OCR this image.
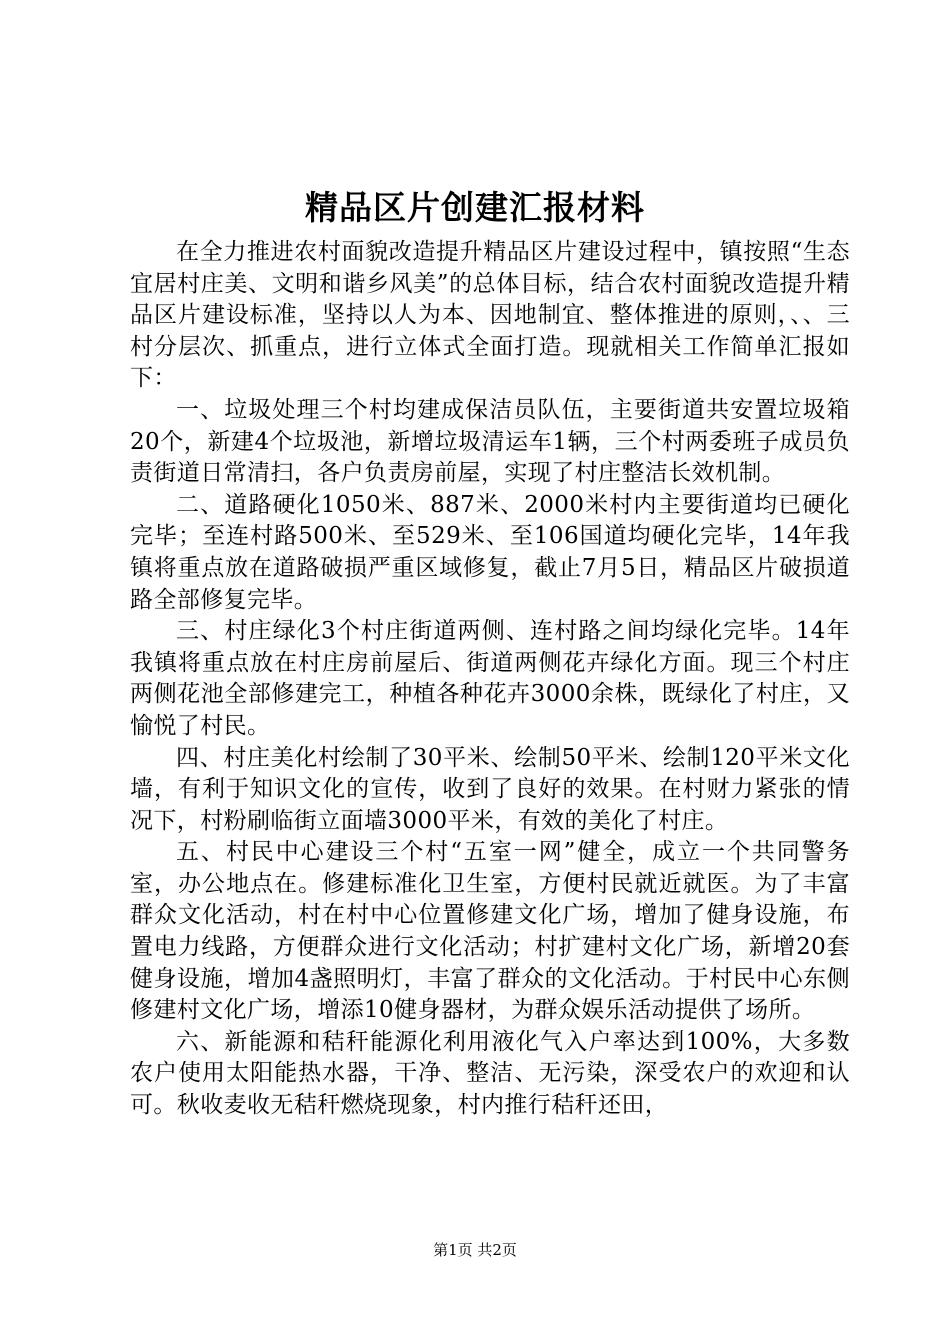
精品区片创建汇报材料

在全力推进农村面貌改造提升精品区片建设过程中，镇按照“生态宜居村庄美、文明和谐乡风美”的总体目标，结合农村面貌改造提升精品区片建设标准，坚持以人为本、因地制宜、整体推进的原则，、、三村分层次、抓重点，进行立体式全面打造。现就相关工作简单汇报如下：

一、垃圾处理三个村均建成保洁员队伍，主要街道共安置垃圾箱20个，新建4个垃圾池，新增垃圾清运车1辆，三个村两委班子成员负责街道日常清扫，各户负责房前屋，实现了村庄整洁长效机制。

二、道路硬化1050米、887米、2000米村内主要街道均已硬化完毕；至连村路500米、至529米、至106国道均硬化完毕，14年我镇将重点放在道路破损严重区域修复，截止7月5日，精品区片破损道路全部修复完毕。

三、村庄绿化3个村庄街道两侧、连村路之间均绿化完毕。14年我镇将重点放在村庄房前屋后、街道两侧花卉绿化方面。现三个村庄两侧花池全部修建完工，种植各种花卉3000余株，既绿化了村庄，又愉悦了村民。

四、村庄美化村绘制了30平米、绘制50平米、绘制120平米文化墙，有利于知识文化的宣传，收到了良好的效果。在村财力紧张的情况下，村粉刷临街立面墙3000平米，有效的美化了村庄。

五、村民中心建设三个村“五室一网”健全，成立一个共同警务室，办公地点在。修建标准化卫生室，方便村民就近就医。为了丰富群众文化活动，村在村中心位置修建文化广场，增加了健身设施，布置电力线路，方便群众进行文化活动；村扩建村文化广场，新增20套健身设施，增加4盏照明灯，丰富了群众的文化活动。于村民中心东侧修建村文化广场，增添10健身器材，为群众娱乐活动提供了场所。

六、新能源和秸秆能源化利用液化气入户率达到100%，大多数农户使用太阳能热水器，干净、整洁、无污染，深受农户的欢迎和认可。秋收麦收无秸秆燃烧现象，村内推行秸秆还田，

第1页 共2页
